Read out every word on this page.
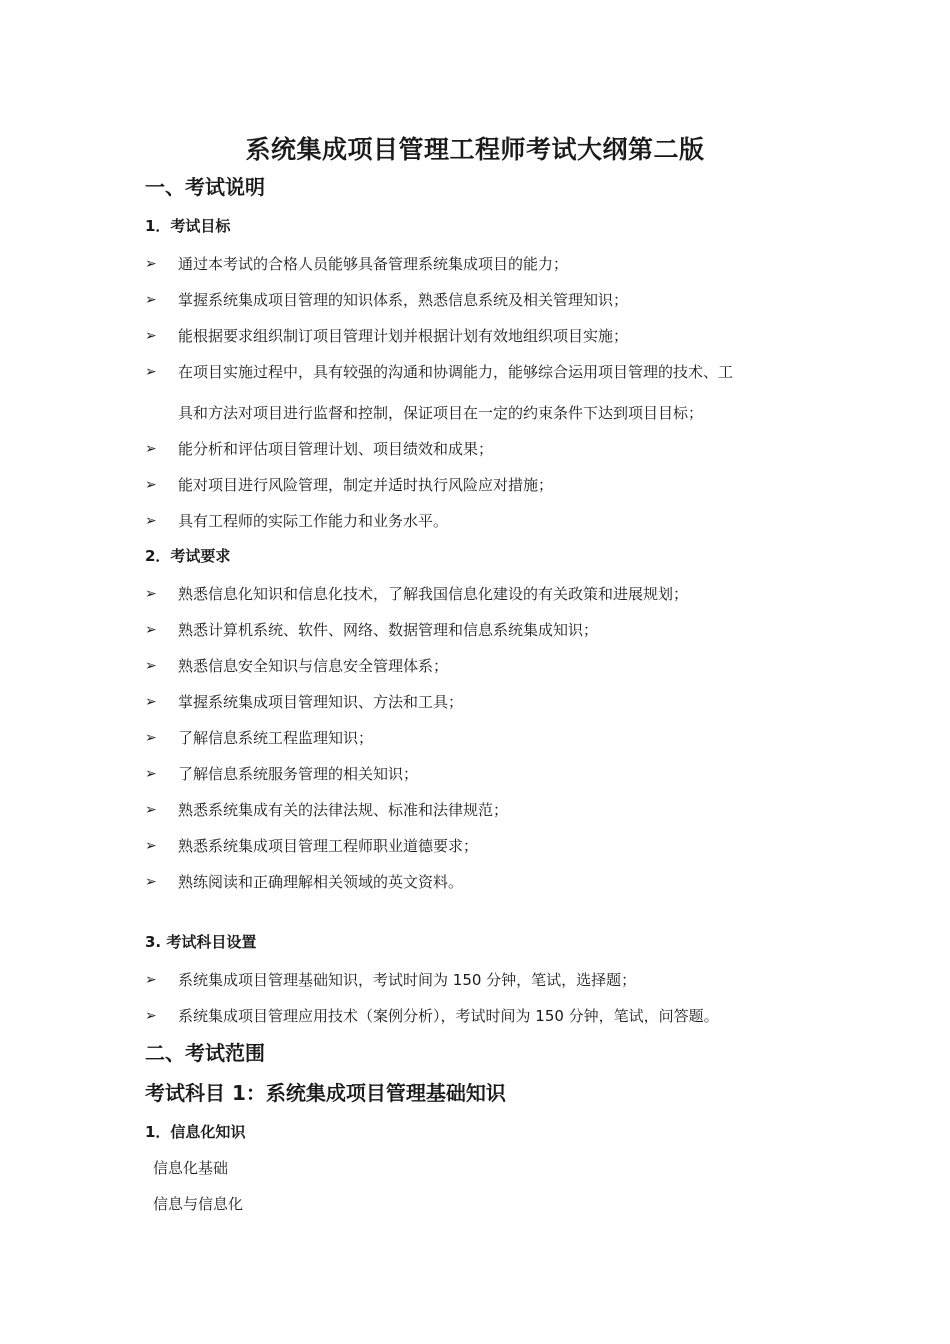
系统集成项目管理工程师考试大纲第二版
一、考试说明
1．考试目标
➢	通过本考试的合格人员能够具备管理系统集成项目的能力；
➢	掌握系统集成项目管理的知识体系，熟悉信息系统及相关管理知识；
➢	能根据要求组织制订项目管理计划并根据计划有效地组织项目实施；
➢	在项目实施过程中，具有较强的沟通和协调能力，能够综合运用项目管理的技术、工
具和方法对项目进行监督和控制，保证项目在一定的约束条件下达到项目目标；
➢	能分析和评估项目管理计划、项目绩效和成果；
➢	能对项目进行风险管理，制定并适时执行风险应对措施；
➢	具有工程师的实际工作能力和业务水平。
2．考试要求
➢	熟悉信息化知识和信息化技术，了解我国信息化建设的有关政策和进展规划；
➢	熟悉计算机系统、软件、网络、数据管理和信息系统集成知识；
➢	熟悉信息安全知识与信息安全管理体系；
➢	掌握系统集成项目管理知识、方法和工具；
➢	了解信息系统工程监理知识；
➢	了解信息系统服务管理的相关知识；
➢	熟悉系统集成有关的法律法规、标准和法律规范；
➢	熟悉系统集成项目管理工程师职业道德要求；
➢	熟练阅读和正确理解相关领域的英文资料。
3. 考试科目设置
➢	系统集成项目管理基础知识，考试时间为 150 分钟，笔试，选择题；
➢	系统集成项目管理应用技术（案例分析），考试时间为 150 分钟，笔试，问答题。
二、考试范围
考试科目 1：系统集成项目管理基础知识
1．信息化知识
信息化基础
信息与信息化
